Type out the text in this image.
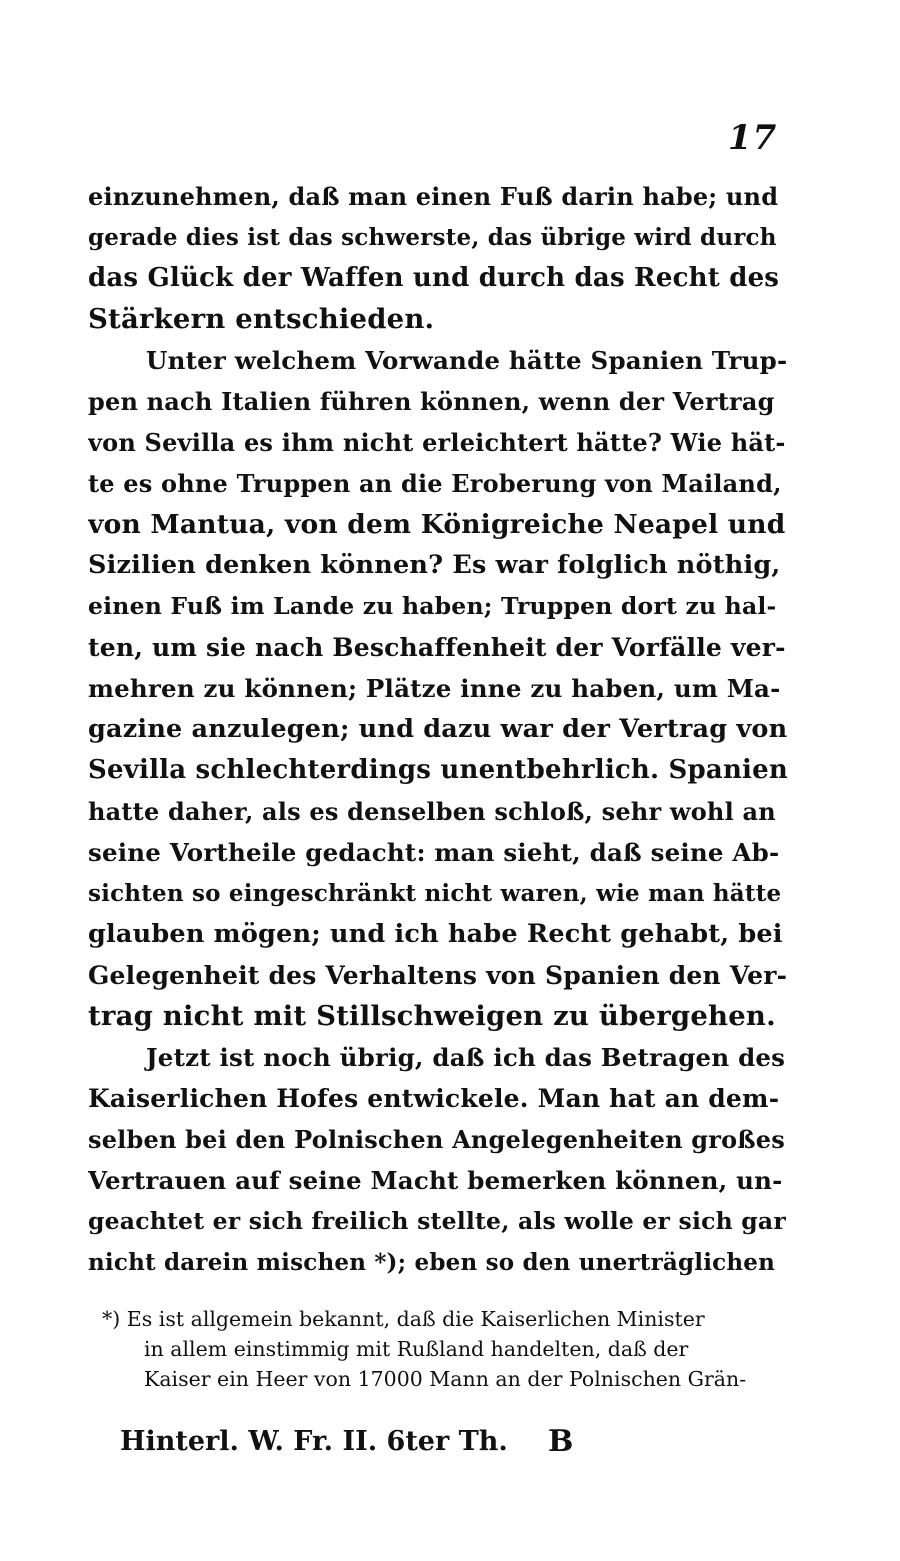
17
einzunehmen, daß man einen Fuß darin habe; und
gerade dies ist das schwerste, das übrige wird durch
das Glück der Waffen und durch das Recht des
Stärkern entschieden.
Unter welchem Vorwande hätte Spanien Trup-
pen nach Italien führen können, wenn der Vertrag
von Sevilla es ihm nicht erleichtert hätte? Wie hät-
te es ohne Truppen an die Eroberung von Mailand,
von Mantua, von dem Königreiche Neapel und
Sizilien denken können? Es war folglich nöthig,
einen Fuß im Lande zu haben; Truppen dort zu hal-
ten, um sie nach Beschaffenheit der Vorfälle ver-
mehren zu können; Plätze inne zu haben, um Ma-
gazine anzulegen; und dazu war der Vertrag von
Sevilla schlechterdings unentbehrlich. Spanien
hatte daher, als es denselben schloß, sehr wohl an
seine Vortheile gedacht: man sieht, daß seine Ab-
sichten so eingeschränkt nicht waren, wie man hätte
glauben mögen; und ich habe Recht gehabt, bei
Gelegenheit des Verhaltens von Spanien den Ver-
trag nicht mit Stillschweigen zu übergehen.
Jetzt ist noch übrig, daß ich das Betragen des
Kaiserlichen Hofes entwickele. Man hat an dem-
selben bei den Polnischen Angelegenheiten großes
Vertrauen auf seine Macht bemerken können, un-
geachtet er sich freilich stellte, als wolle er sich gar
nicht darein mischen *); eben so den unerträglichen
*) Es ist allgemein bekannt, daß die Kaiserlichen Minister
in allem einstimmig mit Rußland handelten, daß der
Kaiser ein Heer von 17000 Mann an der Polnischen Grän-
Hinterl. W. Fr. II. 6ter Th. B
